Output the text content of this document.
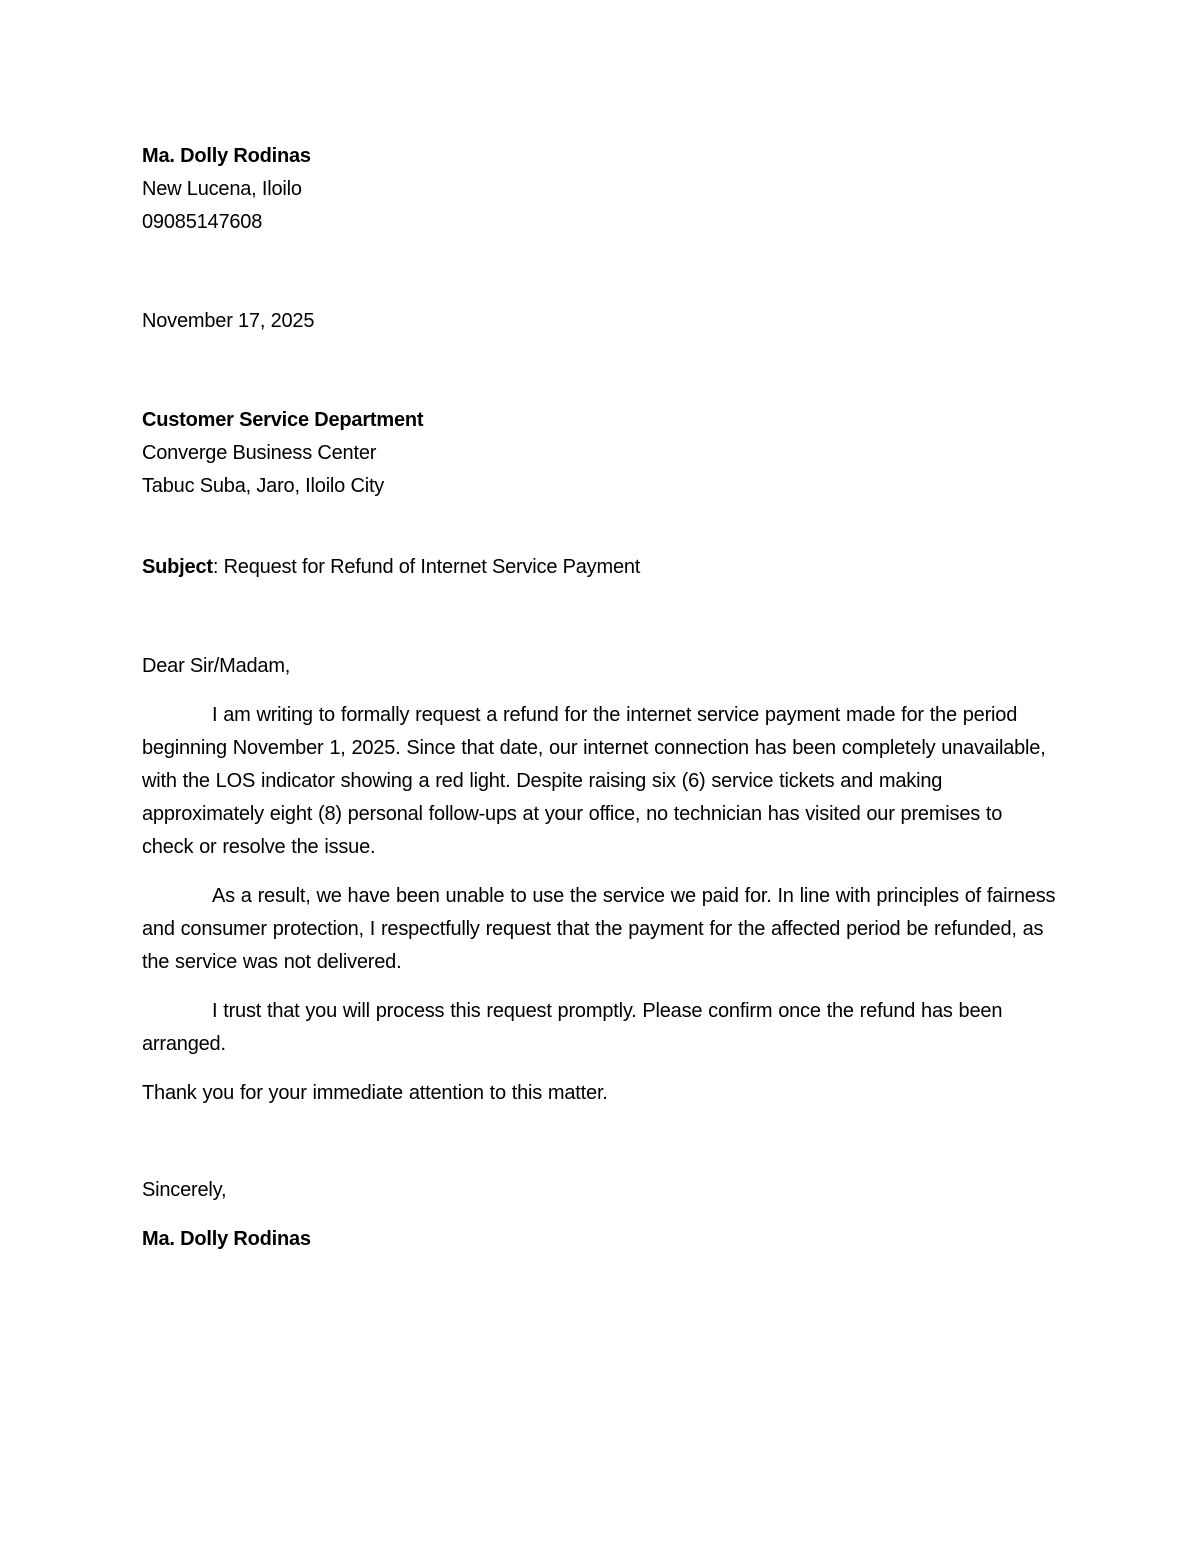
Ma. Dolly Rodinas
New Lucena, Iloilo
09085147608
November 17, 2025
Customer Service Department
Converge Business Center
Tabuc Suba, Jaro, Iloilo City
Subject: Request for Refund of Internet Service Payment

Dear Sir/Madam,

I am writing to formally request a refund for the internet service payment made for the period beginning November 1, 2025. Since that date, our internet connection has been completely unavailable, with the LOS indicator showing a red light. Despite raising six (6) service tickets and making approximately eight (8) personal follow-ups at your office, no technician has visited our premises to check or resolve the issue.

As a result, we have been unable to use the service we paid for. In line with principles of fairness and consumer protection, I respectfully request that the payment for the affected period be refunded, as the service was not delivered.

I trust that you will process this request promptly. Please confirm once the refund has been arranged.

Thank you for your immediate attention to this matter.

Sincerely,

Ma. Dolly Rodinas
